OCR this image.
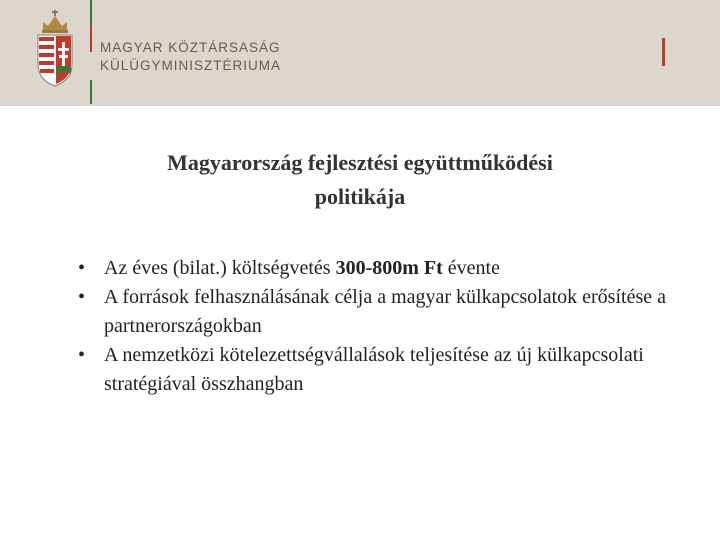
MAGYAR KÖZTÁRSASÁG
KÜLÜGYMINISZTÉRIUMA
Magyarország fejlesztési együttműködési
politikája
• Az éves (bilat.) költségvetés 300-800m Ft évente
• A források felhasználásának célja a magyar külkapcsolatok erősítése a partnerországokban
• A nemzetközi kötelezettségvállalások teljesítése az új külkapcsolati stratégiával összhangban
